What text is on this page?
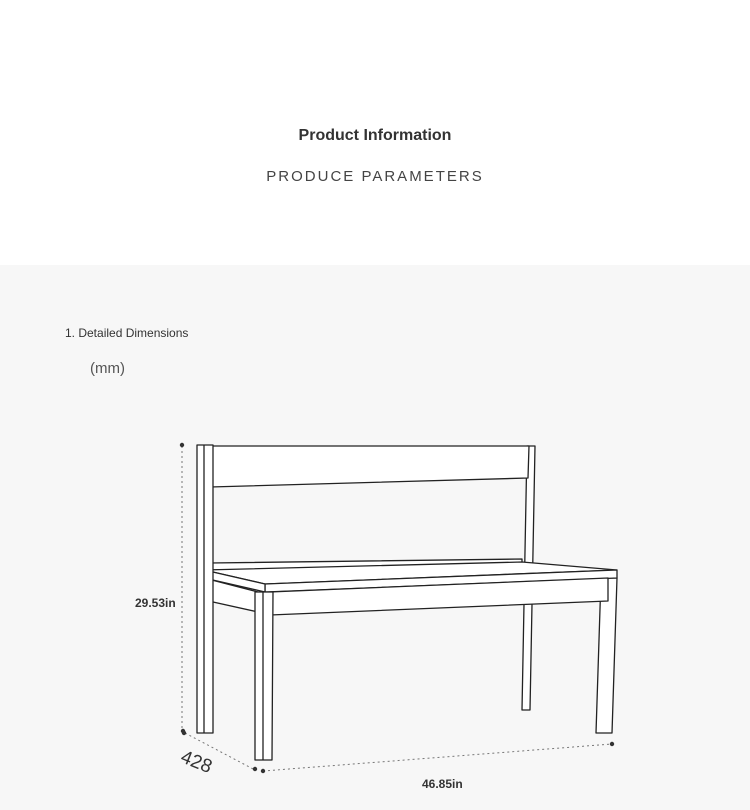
Product Information
PRODUCE PARAMETERS
1. Detailed Dimensions
(mm)
29.53in
46.85in
428
